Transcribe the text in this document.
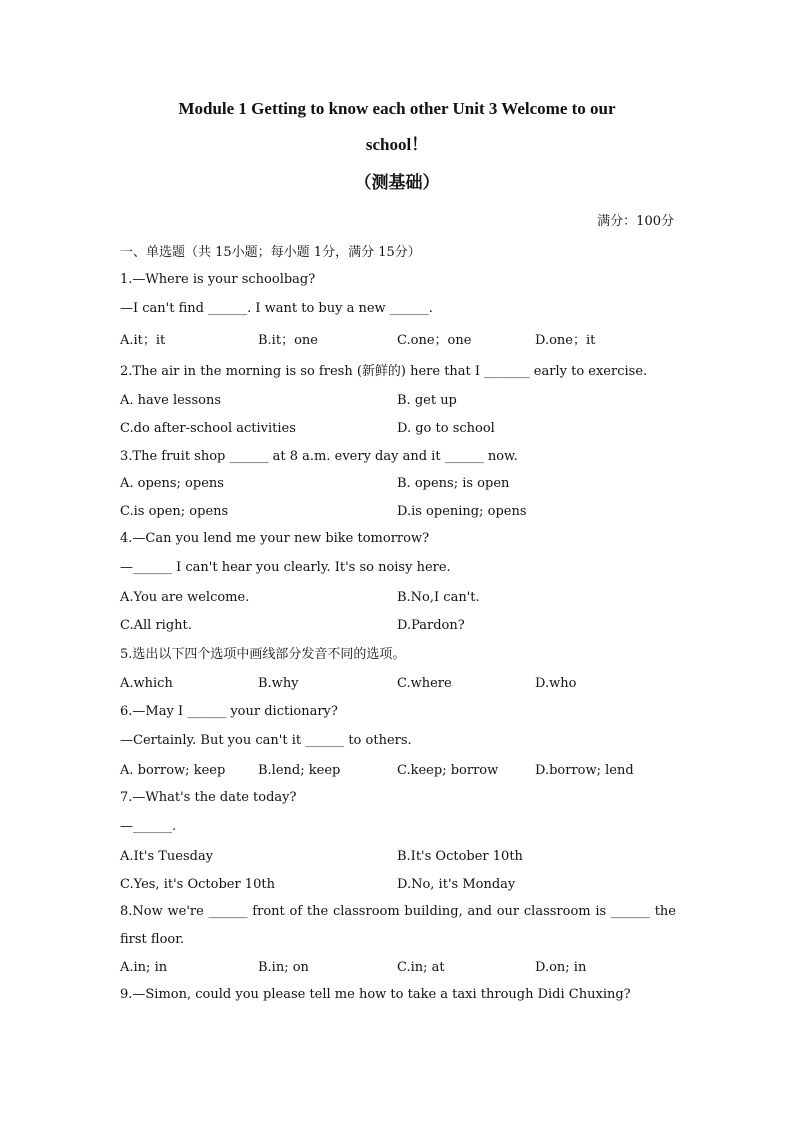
Module 1 Getting to know each other Unit 3 Welcome to our
school！
（测基础）
满分：100分
一、单选题（共 15小题；每小题 1分，满分 15分）
1.—Where is your schoolbag?
—I can't find ______. I want to buy a new ______.
A.it；it	B.it；one	C.one；one	D.one；it
2.The air in the morning is so fresh (新鲜的) here that I _______ early to exercise.
A. have lessons	B. get up
C.do after-school activities	D. go to school
3.The fruit shop ______ at 8 a.m. every day and it ______ now.
A. opens; opens	B. opens; is open
C.is open; opens	D.is opening; opens
4.—Can you lend me your new bike tomorrow?
—______ I can't hear you clearly. It's so noisy here.
A.You are welcome.	B.No,I can't.
C.All right.	D.Pardon?
5.选出以下四个选项中画线部分发音不同的选项。
A.which	B.why	C.where	D.who
6.—May I ______ your dictionary?
—Certainly. But you can't it ______ to others.
A. borrow; keep	B.lend; keep	C.keep; borrow	D.borrow; lend
7.—What's the date today?
—______.
A.It's Tuesday	B.It's October 10th
C.Yes, it's October 10th	D.No, it's Monday
8.Now we're ______ front of the classroom building, and our classroom is ______ the
first floor.
A.in; in	B.in; on	C.in; at	D.on; in
9.—Simon, could you please tell me how to take a taxi through Didi Chuxing?
